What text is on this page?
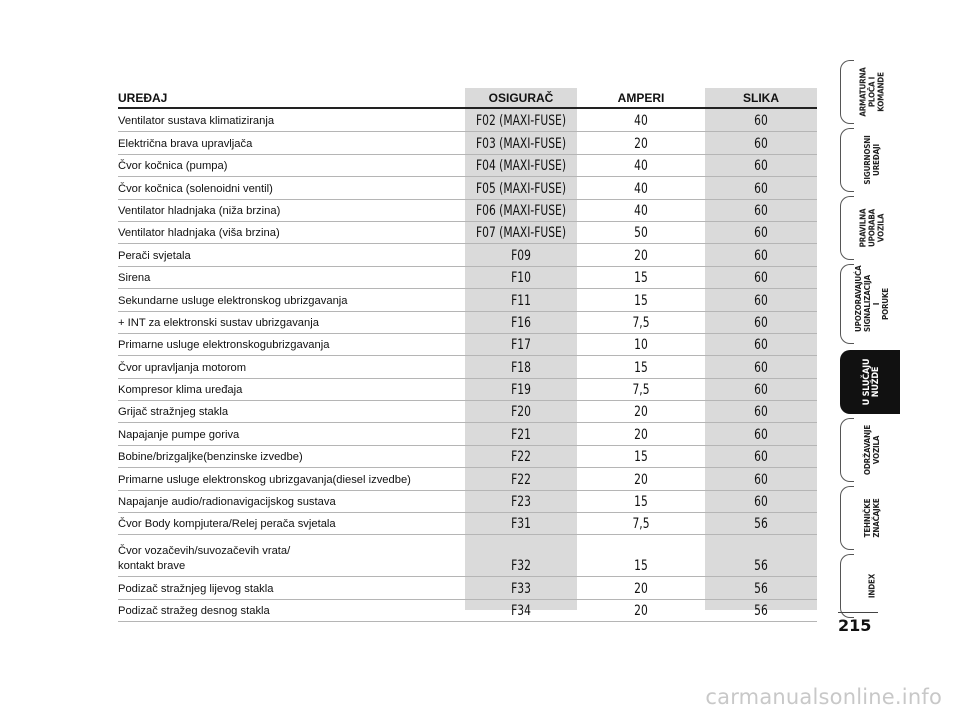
UREĐAJ	OSIGURAČ	AMPERI	SLIKA
Ventilator sustava klimatiziranja	F02 (MAXI-FUSE)	40	60
Električna brava upravljača	F03 (MAXI-FUSE)	20	60
Čvor kočnica (pumpa)	F04 (MAXI-FUSE)	40	60
Čvor kočnica (solenoidni ventil)	F05 (MAXI-FUSE)	40	60
Ventilator hladnjaka (niža brzina)	F06 (MAXI-FUSE)	40	60
Ventilator hladnjaka (viša brzina)	F07 (MAXI-FUSE)	50	60
Perači svjetala	F09	20	60
Sirena	F10	15	60
Sekundarne usluge elektronskog ubrizgavanja	F11	15	60
+ INT za elektronski sustav ubrizgavanja	F16	7,5	60
Primarne usluge elektronskogubrizgavanja	F17	10	60
Čvor upravljanja motorom	F18	15	60
Kompresor klima uređaja	F19	7,5	60
Grijač stražnjeg stakla	F20	20	60
Napajanje pumpe goriva	F21	20	60
Bobine/brizgaljke(benzinske izvedbe)	F22	15	60
Primarne usluge elektronskog ubrizgavanja(diesel izvedbe)	F22	20	60
Napajanje audio/radionavigacijskog sustava	F23	15	60
Čvor Body kompjutera/Relej perača svjetala	F31	7,5	56
Čvor vozačevih/suvozačevih vrata/
kontakt brave	F32	15	56
Podizač stražnjeg lijevog stakla	F33	20	56
Podizač stražeg desnog stakla	F34	20	56
ARMATURNA PLOČA I KOMANDE
SIGURNOSNI UREĐAJI
PRAVILNA UPORABA VOZILA
UPOZORAVAJUĆA SIGNALIZACIJA I PORUKE
U SLUČAJU NUŽDE
ODRŽAVANJE VOZILA
TEHNIČKE ZNAČAJKE
INDEX
215
carmanualsonline.info
